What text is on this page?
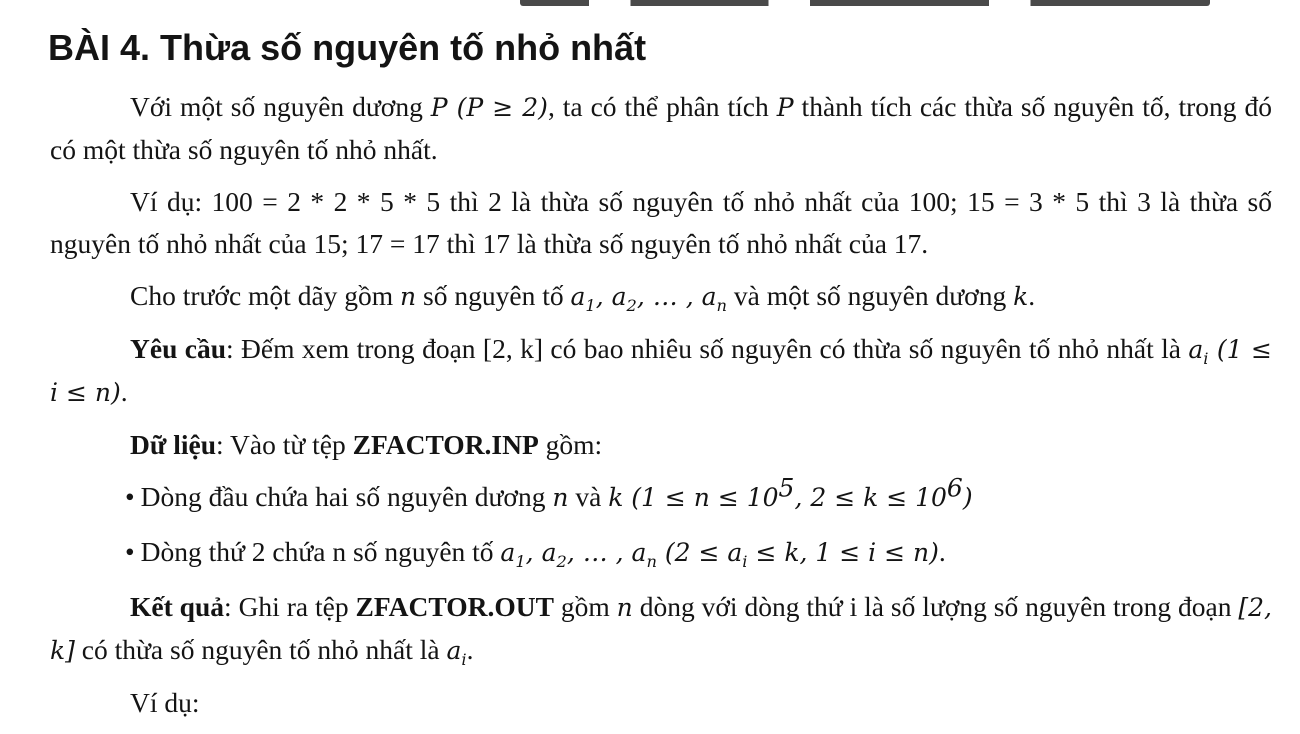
BÀI 4. Thừa số nguyên tố nhỏ nhất

Với một số nguyên dương P (P ≥ 2), ta có thể phân tích P thành tích các thừa số nguyên tố, trong đó có một thừa số nguyên tố nhỏ nhất.

Ví dụ: 100 = 2 * 2 * 5 * 5 thì 2 là thừa số nguyên tố nhỏ nhất của 100; 15 = 3 * 5 thì 3 là thừa số nguyên tố nhỏ nhất của 15; 17 = 17 thì 17 là thừa số nguyên tố nhỏ nhất của 17.

Cho trước một dãy gồm n số nguyên tố $a_1$, $a_2$, … , $a_n$ và một số nguyên dương k.

Yêu cầu: Đếm xem trong đoạn [2, k] có bao nhiêu số nguyên có thừa số nguyên tố nhỏ nhất là $a_i$ (1 ≤ i ≤ n).

Dữ liệu: Vào từ tệp ZFACTOR.INP gồm:

• Dòng đầu chứa hai số nguyên dương n và k ($1 \le n \le 10^5$, $2 \le k \le 10^6$)

• Dòng thứ 2 chứa n số nguyên tố $a_1$, $a_2$, … , $a_n$ ($2 \le a_i \le k$, 1 ≤ i ≤ n).

Kết quả: Ghi ra tệp ZFACTOR.OUT gồm n dòng với dòng thứ i là số lượng số nguyên trong đoạn [2, k] có thừa số nguyên tố nhỏ nhất là $a_i$.

Ví dụ:
